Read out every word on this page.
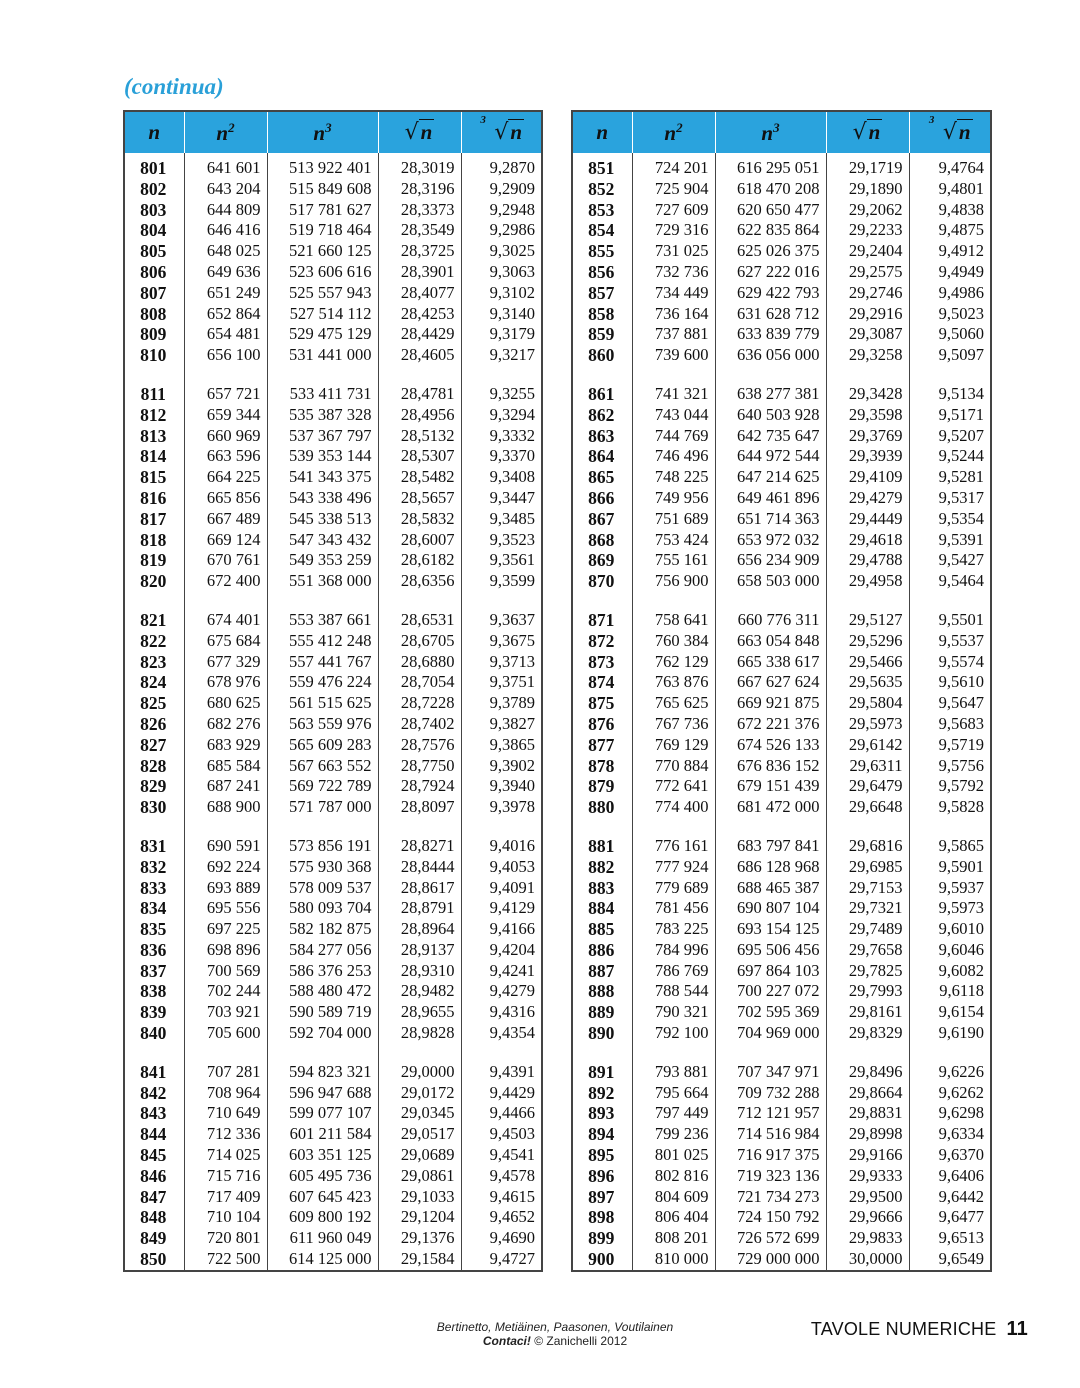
(continua)
n	$n^2$	$n^3$	√n	3 √n

801	641 601	513 922 401	28,3019	9,2870
802	643 204	515 849 608	28,3196	9,2909
803	644 809	517 781 627	28,3373	9,2948
804	646 416	519 718 464	28,3549	9,2986
805	648 025	521 660 125	28,3725	9,3025
806	649 636	523 606 616	28,3901	9,3063
807	651 249	525 557 943	28,4077	9,3102
808	652 864	527 514 112	28,4253	9,3140
809	654 481	529 475 129	28,4429	9,3179
810	656 100	531 441 000	28,4605	9,3217

811	657 721	533 411 731	28,4781	9,3255
812	659 344	535 387 328	28,4956	9,3294
813	660 969	537 367 797	28,5132	9,3332
814	663 596	539 353 144	28,5307	9,3370
815	664 225	541 343 375	28,5482	9,3408
816	665 856	543 338 496	28,5657	9,3447
817	667 489	545 338 513	28,5832	9,3485
818	669 124	547 343 432	28,6007	9,3523
819	670 761	549 353 259	28,6182	9,3561
820	672 400	551 368 000	28,6356	9,3599

821	674 401	553 387 661	28,6531	9,3637
822	675 684	555 412 248	28,6705	9,3675
823	677 329	557 441 767	28,6880	9,3713
824	678 976	559 476 224	28,7054	9,3751
825	680 625	561 515 625	28,7228	9,3789
826	682 276	563 559 976	28,7402	9,3827
827	683 929	565 609 283	28,7576	9,3865
828	685 584	567 663 552	28,7750	9,3902
829	687 241	569 722 789	28,7924	9,3940
830	688 900	571 787 000	28,8097	9,3978

831	690 591	573 856 191	28,8271	9,4016
832	692 224	575 930 368	28,8444	9,4053
833	693 889	578 009 537	28,8617	9,4091
834	695 556	580 093 704	28,8791	9,4129
835	697 225	582 182 875	28,8964	9,4166
836	698 896	584 277 056	28,9137	9,4204
837	700 569	586 376 253	28,9310	9,4241
838	702 244	588 480 472	28,9482	9,4279
839	703 921	590 589 719	28,9655	9,4316
840	705 600	592 704 000	28,9828	9,4354

841	707 281	594 823 321	29,0000	9,4391
842	708 964	596 947 688	29,0172	9,4429
843	710 649	599 077 107	29,0345	9,4466
844	712 336	601 211 584	29,0517	9,4503
845	714 025	603 351 125	29,0689	9,4541
846	715 716	605 495 736	29,0861	9,4578
847	717 409	607 645 423	29,1033	9,4615
848	710 104	609 800 192	29,1204	9,4652
849	720 801	611 960 049	29,1376	9,4690
850	722 500	614 125 000	29,1584	9,4727
n	$n^2$	$n^3$	√n	3 √n

851	724 201	616 295 051	29,1719	9,4764
852	725 904	618 470 208	29,1890	9,4801
853	727 609	620 650 477	29,2062	9,4838
854	729 316	622 835 864	29,2233	9,4875
855	731 025	625 026 375	29,2404	9,4912
856	732 736	627 222 016	29,2575	9,4949
857	734 449	629 422 793	29,2746	9,4986
858	736 164	631 628 712	29,2916	9,5023
859	737 881	633 839 779	29,3087	9,5060
860	739 600	636 056 000	29,3258	9,5097

861	741 321	638 277 381	29,3428	9,5134
862	743 044	640 503 928	29,3598	9,5171
863	744 769	642 735 647	29,3769	9,5207
864	746 496	644 972 544	29,3939	9,5244
865	748 225	647 214 625	29,4109	9,5281
866	749 956	649 461 896	29,4279	9,5317
867	751 689	651 714 363	29,4449	9,5354
868	753 424	653 972 032	29,4618	9,5391
869	755 161	656 234 909	29,4788	9,5427
870	756 900	658 503 000	29,4958	9,5464

871	758 641	660 776 311	29,5127	9,5501
872	760 384	663 054 848	29,5296	9,5537
873	762 129	665 338 617	29,5466	9,5574
874	763 876	667 627 624	29,5635	9,5610
875	765 625	669 921 875	29,5804	9,5647
876	767 736	672 221 376	29,5973	9,5683
877	769 129	674 526 133	29,6142	9,5719
878	770 884	676 836 152	29,6311	9,5756
879	772 641	679 151 439	29,6479	9,5792
880	774 400	681 472 000	29,6648	9,5828

881	776 161	683 797 841	29,6816	9,5865
882	777 924	686 128 968	29,6985	9,5901
883	779 689	688 465 387	29,7153	9,5937
884	781 456	690 807 104	29,7321	9,5973
885	783 225	693 154 125	29,7489	9,6010
886	784 996	695 506 456	29,7658	9,6046
887	786 769	697 864 103	29,7825	9,6082
888	788 544	700 227 072	29,7993	9,6118
889	790 321	702 595 369	29,8161	9,6154
890	792 100	704 969 000	29,8329	9,6190

891	793 881	707 347 971	29,8496	9,6226
892	795 664	709 732 288	29,8664	9,6262
893	797 449	712 121 957	29,8831	9,6298
894	799 236	714 516 984	29,8998	9,6334
895	801 025	716 917 375	29,9166	9,6370
896	802 816	719 323 136	29,9333	9,6406
897	804 609	721 734 273	29,9500	9,6442
898	806 404	724 150 792	29,9666	9,6477
899	808 201	726 572 699	29,9833	9,6513
900	810 000	729 000 000	30,0000	9,6549
Bertinetto, Metiäinen, Paasonen, Voutilainen
Contaci! © Zanichelli 2012
TAVOLE NUMERICHE 11
